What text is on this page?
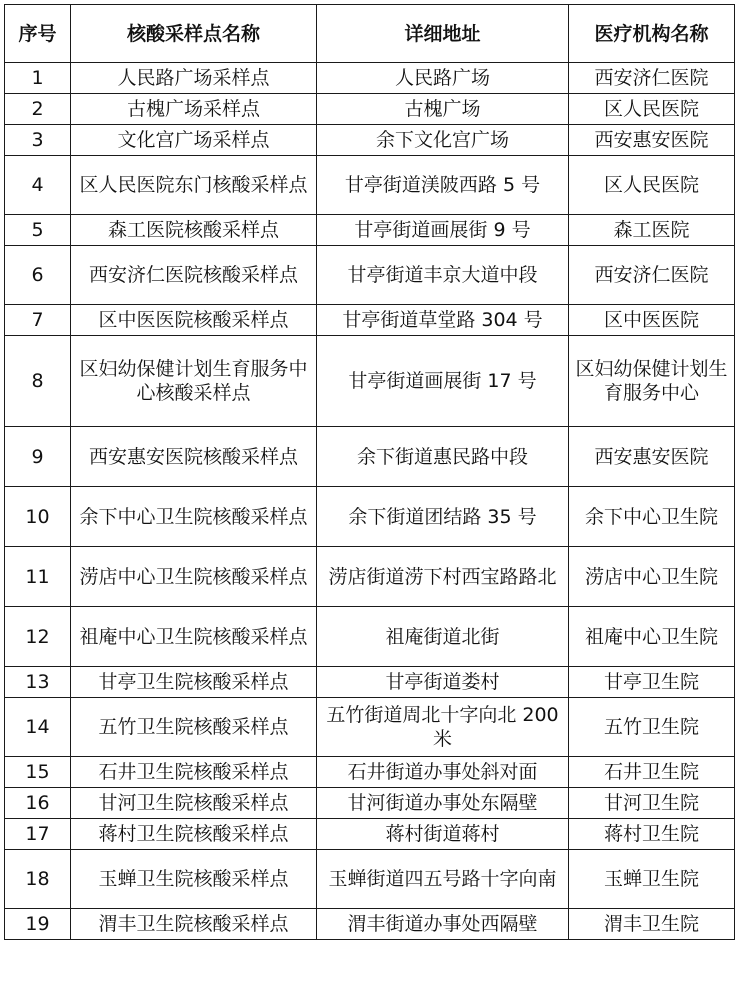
序号	核酸采样点名称	详细地址	医疗机构名称
1	人民路广场采样点	人民路广场	西安济仁医院
2	古槐广场采样点	古槐广场	区人民医院
3	文化宫广场采样点	余下文化宫广场	西安惠安医院
4	区人民医院东门核酸采样点	甘亭街道渼陂西路 5 号	区人民医院
5	森工医院核酸采样点	甘亭街道画展街 9 号	森工医院
6	西安济仁医院核酸采样点	甘亭街道丰京大道中段	西安济仁医院
7	区中医医院核酸采样点	甘亭街道草堂路 304 号	区中医医院
8	区妇幼保健计划生育服务中心核酸采样点	甘亭街道画展街 17 号	区妇幼保健计划生育服务中心
9	西安惠安医院核酸采样点	余下街道惠民路中段	西安惠安医院
10	余下中心卫生院核酸采样点	余下街道团结路 35 号	余下中心卫生院
11	涝店中心卫生院核酸采样点	涝店街道涝下村西宝路路北	涝店中心卫生院
12	祖庵中心卫生院核酸采样点	祖庵街道北街	祖庵中心卫生院
13	甘亭卫生院核酸采样点	甘亭街道娄村	甘亭卫生院
14	五竹卫生院核酸采样点	五竹街道周北十字向北 200 米	五竹卫生院
15	石井卫生院核酸采样点	石井街道办事处斜对面	石井卫生院
16	甘河卫生院核酸采样点	甘河街道办事处东隔壁	甘河卫生院
17	蒋村卫生院核酸采样点	蒋村街道蒋村	蒋村卫生院
18	玉蝉卫生院核酸采样点	玉蝉街道四五号路十字向南	玉蝉卫生院
19	渭丰卫生院核酸采样点	渭丰街道办事处西隔壁	渭丰卫生院
